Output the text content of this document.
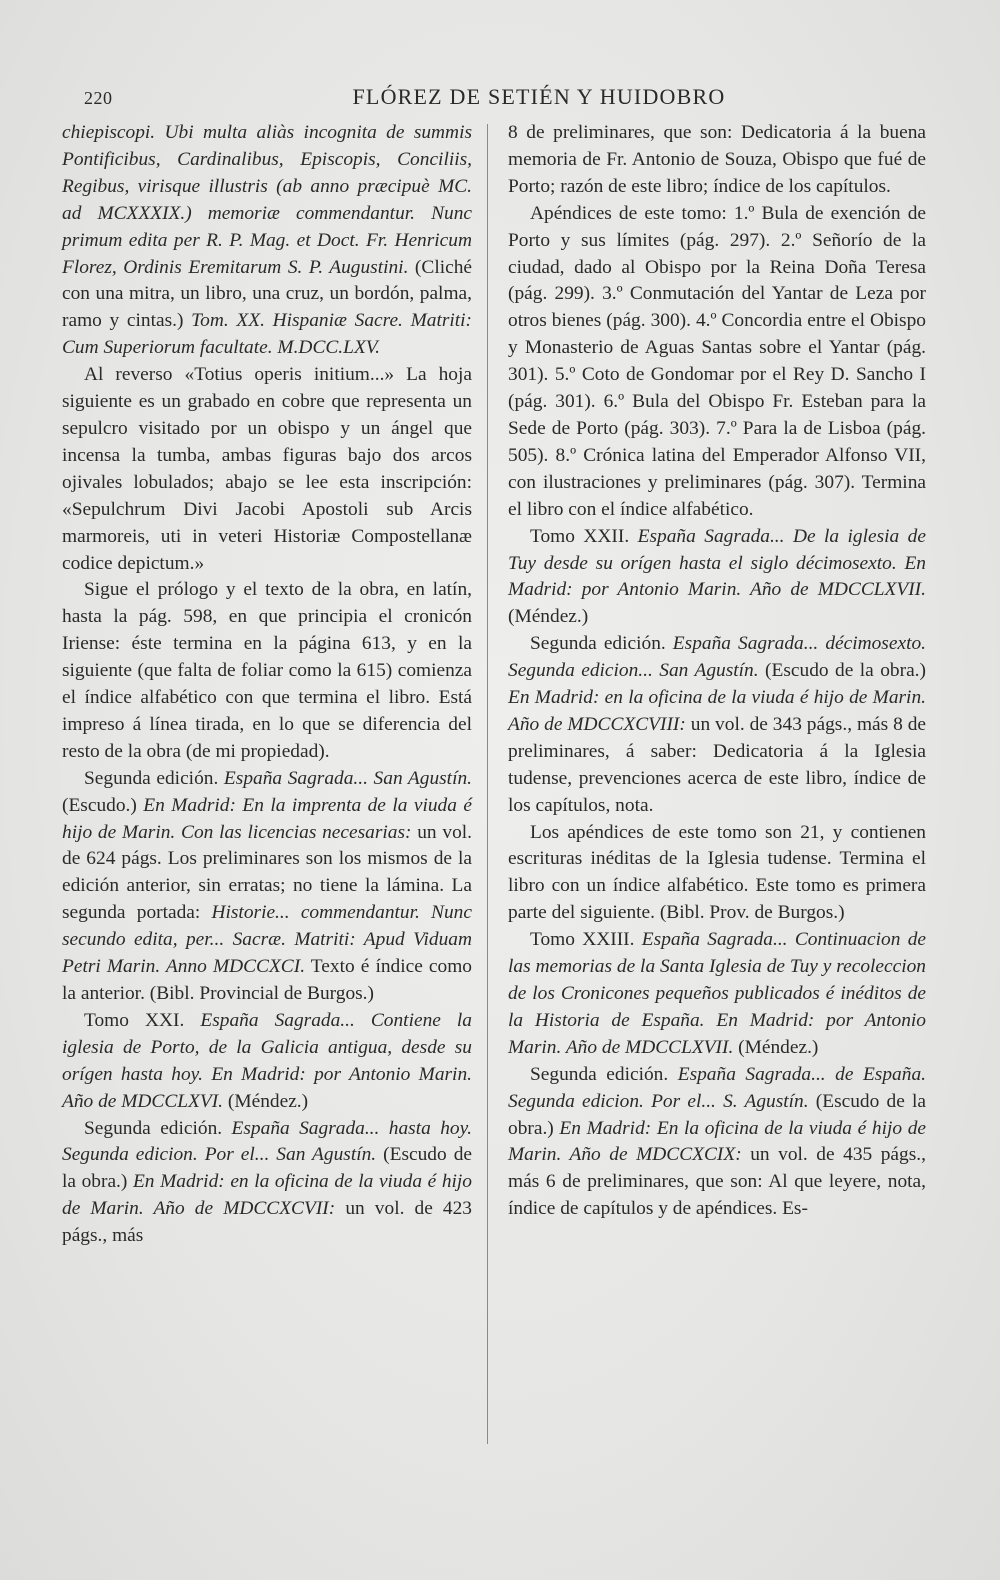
220	FLÓREZ DE SETIÉN Y HUIDOBRO

chiepiscopi. Ubi multa aliàs incognita de summis Pontificibus, Cardinalibus, Episcopis, Conciliis, Regibus, virisque illustris (ab anno præcipuè MC. ad MCXXXIX.) memoriæ commendantur. Nunc primum edita per R. P. Mag. et Doct. Fr. Henricum Florez, Ordinis Eremitarum S. P. Augustini. (Cliché con una mitra, un libro, una cruz, un bordón, palma, ramo y cintas.) Tom. XX. Hispaniæ Sacre. Matriti: Cum Superiorum facultate. M.DCC.LXV.

Al reverso «Totius operis initium...» La hoja siguiente es un grabado en cobre que representa un sepulcro visitado por un obispo y un ángel que incensa la tumba, ambas figuras bajo dos arcos ojivales lobulados; abajo se lee esta inscripción: «Sepulchrum Divi Jacobi Apostoli sub Arcis marmoreis, uti in veteri Historiæ Compostellanæ codice depictum.»

Sigue el prólogo y el texto de la obra, en latín, hasta la pág. 598, en que principia el cronicón Iriense: éste termina en la página 613, y en la siguiente (que falta de foliar como la 615) comienza el índice alfabético con que termina el libro. Está impreso á línea tirada, en lo que se diferencia del resto de la obra (de mi propiedad).

Segunda edición. España Sagrada... San Agustín. (Escudo.) En Madrid: En la imprenta de la viuda é hijo de Marin. Con las licencias necesarias: un vol. de 624 págs. Los preliminares son los mismos de la edición anterior, sin erratas; no tiene la lámina. La segunda portada: Historie... commendantur. Nunc secundo edita, per... Sacræ. Matriti: Apud Viduam Petri Marin. Anno MDCCXCI. Texto é índice como la anterior. (Bibl. Provincial de Burgos.)

Tomo XXI. España Sagrada... Contiene la iglesia de Porto, de la Galicia antigua, desde su orígen hasta hoy. En Madrid: por Antonio Marin. Año de MDCCLXVI. (Méndez.)

Segunda edición. España Sagrada... hasta hoy. Segunda edicion. Por el... San Agustín. (Escudo de la obra.) En Madrid: en la oficina de la viuda é hijo de Marin. Año de MDCCXCVII: un vol. de 423 págs., más

8 de preliminares, que son: Dedicatoria á la buena memoria de Fr. Antonio de Souza, Obispo que fué de Porto; razón de este libro; índice de los capítulos.

Apéndices de este tomo: 1.º Bula de exención de Porto y sus límites (pág. 297). 2.º Señorío de la ciudad, dado al Obispo por la Reina Doña Teresa (pág. 299). 3.º Conmutación del Yantar de Leza por otros bienes (pág. 300). 4.º Concordia entre el Obispo y Monasterio de Aguas Santas sobre el Yantar (pág. 301). 5.º Coto de Gondomar por el Rey D. Sancho I (pág. 301). 6.º Bula del Obispo Fr. Esteban para la Sede de Porto (pág. 303). 7.º Para la de Lisboa (pág. 505). 8.º Crónica latina del Emperador Alfonso VII, con ilustraciones y preliminares (pág. 307). Termina el libro con el índice alfabético.

Tomo XXII. España Sagrada... De la iglesia de Tuy desde su orígen hasta el siglo décimosexto. En Madrid: por Antonio Marin. Año de MDCCLXVII. (Méndez.)

Segunda edición. España Sagrada... décimosexto. Segunda edicion... San Agustín. (Escudo de la obra.) En Madrid: en la oficina de la viuda é hijo de Marin. Año de MDCCXCVIII: un vol. de 343 págs., más 8 de preliminares, á saber: Dedicatoria á la Iglesia tudense, prevenciones acerca de este libro, índice de los capítulos, nota.

Los apéndices de este tomo son 21, y contienen escrituras inéditas de la Iglesia tudense. Termina el libro con un índice alfabético. Este tomo es primera parte del siguiente. (Bibl. Prov. de Burgos.)

Tomo XXIII. España Sagrada... Continuacion de las memorias de la Santa Iglesia de Tuy y recoleccion de los Cronicones pequeños publicados é inéditos de la Historia de España. En Madrid: por Antonio Marin. Año de MDCCLXVII. (Méndez.)

Segunda edición. España Sagrada... de España. Segunda edicion. Por el... S. Agustín. (Escudo de la obra.) En Madrid: En la oficina de la viuda é hijo de Marin. Año de MDCCXCIX: un vol. de 435 págs., más 6 de preliminares, que son: Al que leyere, nota, índice de capítulos y de apéndices. Es-
